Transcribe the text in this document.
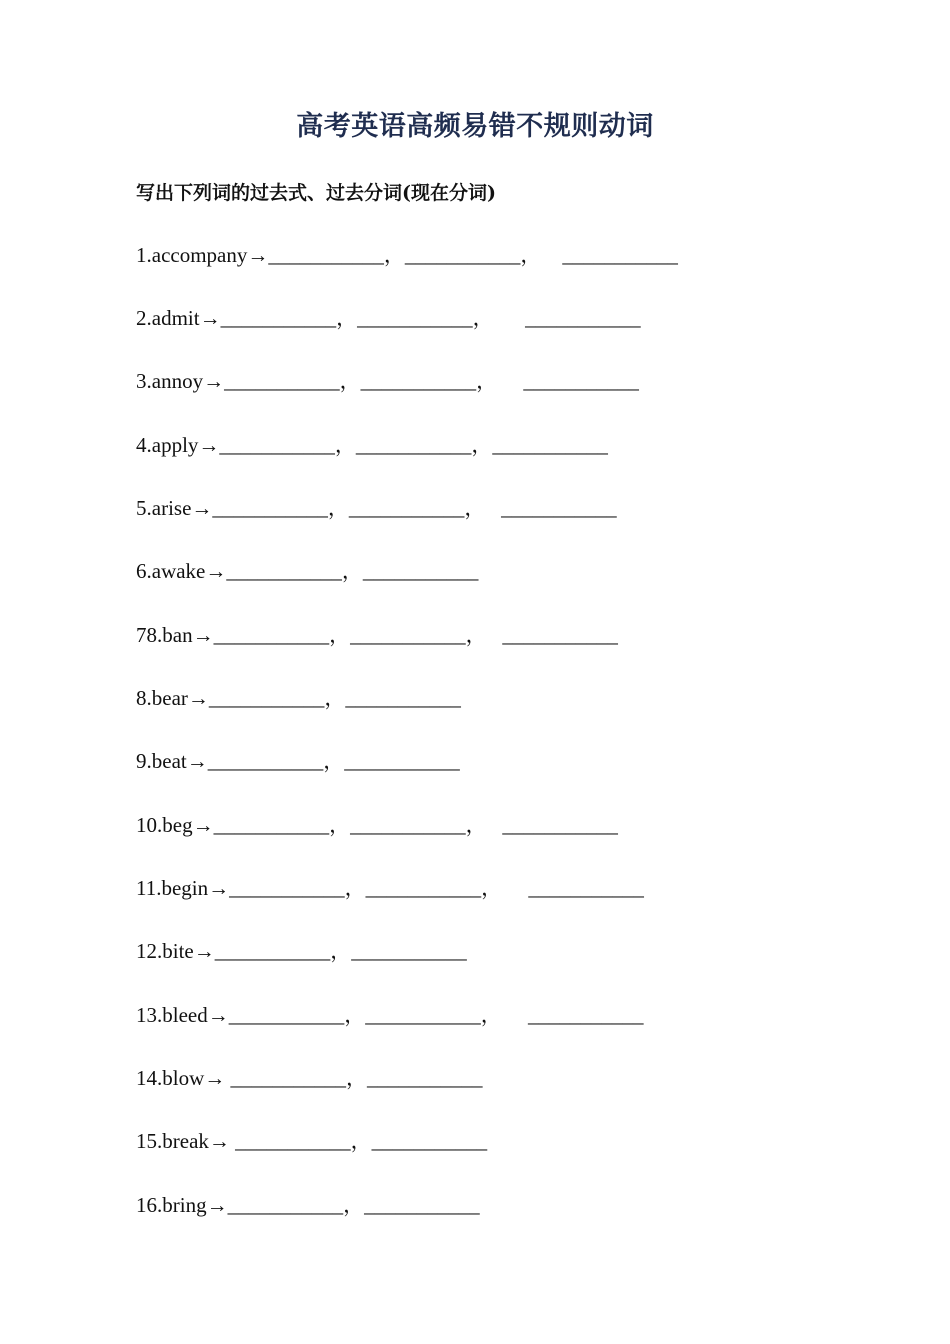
高考英语高频易错不规则动词
写出下列词的过去式、过去分词(现在分词)
1.accompany→___________，___________，    ___________
2.admit→___________，___________，      ___________
3.annoy→___________，___________，     ___________
4.apply→___________，___________，___________
5.arise→___________，___________，   ___________
6.awake→___________，___________
78.ban→___________，___________，   ___________
8.bear→___________，___________
9.beat→___________，___________
10.beg→___________，___________，   ___________
11.begin→___________，___________，     ___________
12.bite→___________，___________
13.bleed→___________，___________，     ___________
14.blow→ ___________，___________
15.break→ ___________，___________
16.bring→___________，___________
